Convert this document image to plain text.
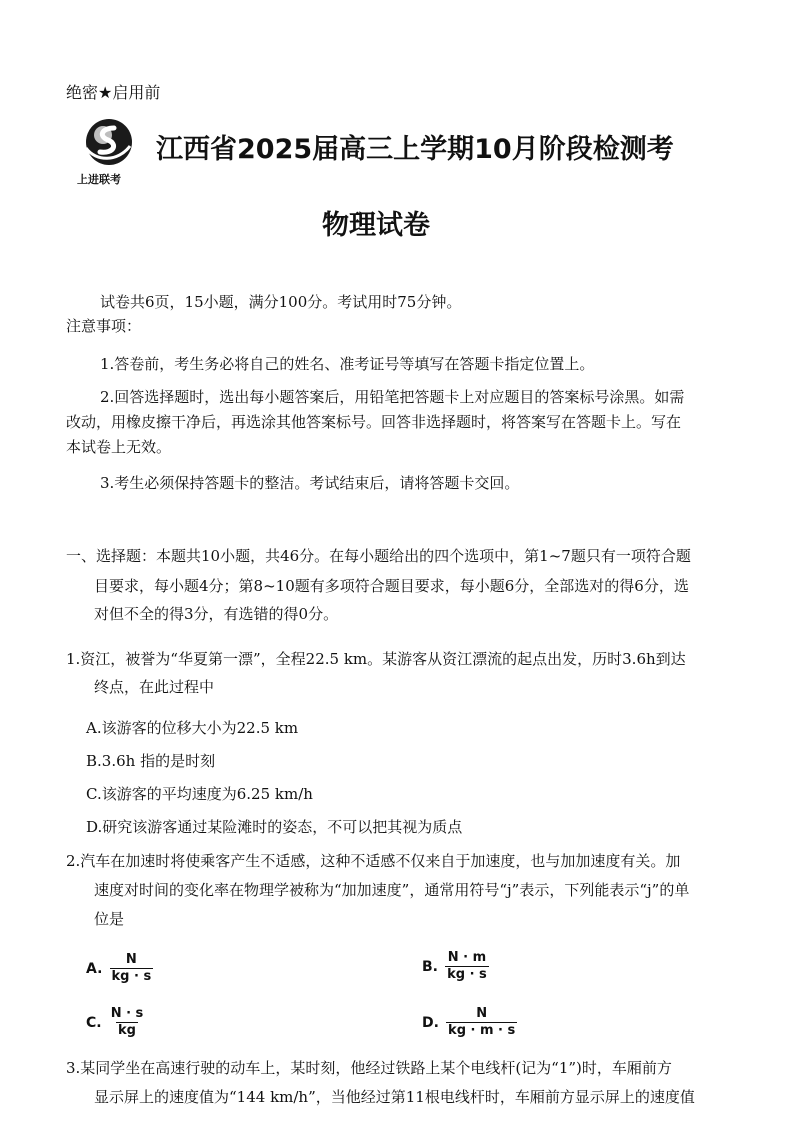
绝密★启用前
上进联考
江西省2025届高三上学期10月阶段检测考
物理试卷
试卷共6页，15小题，满分100分。考试用时75分钟。
注意事项：
1.答卷前，考生务必将自己的姓名、准考证号等填写在答题卡指定位置上。
2.回答选择题时，选出每小题答案后，用铅笔把答题卡上对应题目的答案标号涂黑。如需
改动，用橡皮擦干净后，再选涂其他答案标号。回答非选择题时，将答案写在答题卡上。写在
本试卷上无效。
3.考生必须保持答题卡的整洁。考试结束后，请将答题卡交回。
一、选择题：本题共10小题，共46分。在每小题给出的四个选项中，第1~7题只有一项符合题
目要求，每小题4分；第8~10题有多项符合题目要求，每小题6分，全部选对的得6分，选
对但不全的得3分，有选错的得0分。
1.资江，被誉为“华夏第一漂”，全程22.5 km。某游客从资江漂流的起点出发，历时3.6h到达
终点，在此过程中
A.该游客的位移大小为22.5 km
B.3.6h 指的是时刻
C.该游客的平均速度为6.25 km/h
D.研究该游客通过某险滩时的姿态，不可以把其视为质点
2.汽车在加速时将使乘客产生不适感，这种不适感不仅来自于加速度，也与加加速度有关。加
速度对时间的变化率在物理学被称为“加加速度”，通常用符号“j”表示，下列能表示“j”的单
位是
A. $\frac{N}{kg \cdot s}$	B. $\frac{N \cdot m}{kg \cdot s}$
C. $\frac{N \cdot s}{kg}$	D. $\frac{N}{kg \cdot m \cdot s}$
3.某同学坐在高速行驶的动车上，某时刻，他经过铁路上某个电线杆(记为“1”)时，车厢前方
显示屏上的速度值为“144 km/h”，当他经过第11根电线杆时，车厢前方显示屏上的速度值
